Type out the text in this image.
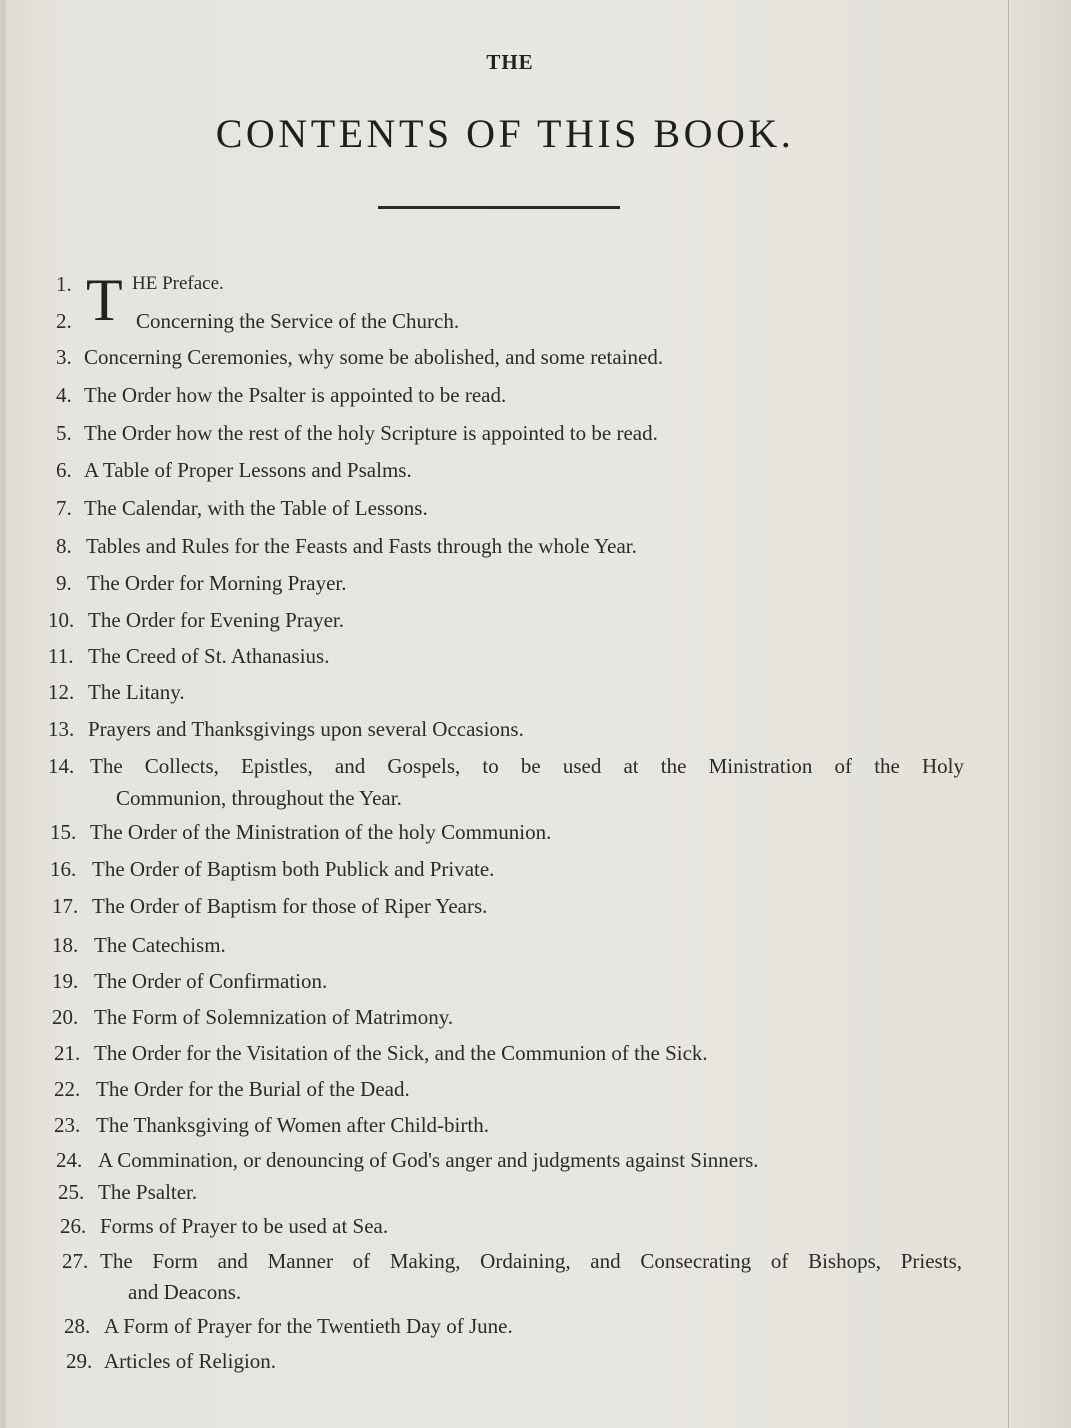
THE
CONTENTS OF THIS BOOK.
1. T HE Preface.
2.	Concerning the Service of the Church.
3. Concerning Ceremonies, why some be abolished, and some retained.
4. The Order how the Psalter is appointed to be read.
5. The Order how the rest of the holy Scripture is appointed to be read.
6. A Table of Proper Lessons and Psalms.
7. The Calendar, with the Table of Lessons.
8. Tables and Rules for the Feasts and Fasts through the whole Year.
9. The Order for Morning Prayer.
10. The Order for Evening Prayer.
11. The Creed of St. Athanasius.
12. The Litany.
13. Prayers and Thanksgivings upon several Occasions.
14. The Collects, Epistles, and Gospels, to be used at the Ministration of the Holy
Communion, throughout the Year.
15. The Order of the Ministration of the holy Communion.
16. The Order of Baptism both Publick and Private.
17. The Order of Baptism for those of Riper Years.
18. The Catechism.
19. The Order of Confirmation.
20. The Form of Solemnization of Matrimony.
21. The Order for the Visitation of the Sick, and the Communion of the Sick.
22. The Order for the Burial of the Dead.
23. The Thanksgiving of Women after Child-birth.
24. A Commination, or denouncing of God's anger and judgments against Sinners.
25. The Psalter.
26. Forms of Prayer to be used at Sea.
27. The Form and Manner of Making, Ordaining, and Consecrating of Bishops, Priests,
and Deacons.
28. A Form of Prayer for the Twentieth Day of June.
29. Articles of Religion.
